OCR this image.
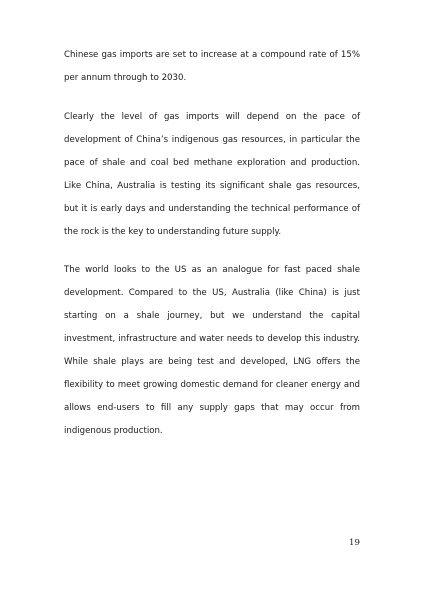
Chinese gas imports are set to increase at a compound rate of 15% per annum through to 2030.

Clearly the level of gas imports will depend on the pace of development of China’s indigenous gas resources, in particular the pace of shale and coal bed methane exploration and production. Like China, Australia is testing its significant shale gas resources, but it is early days and understanding the technical performance of the rock is the key to understanding future supply.

The world looks to the US as an analogue for fast paced shale development. Compared to the US, Australia (like China) is just starting on a shale journey, but we understand the capital investment, infrastructure and water needs to develop this industry. While shale plays are being test and developed, LNG offers the flexibility to meet growing domestic demand for cleaner energy and allows end-users to fill any supply gaps that may occur from indigenous production.

19
